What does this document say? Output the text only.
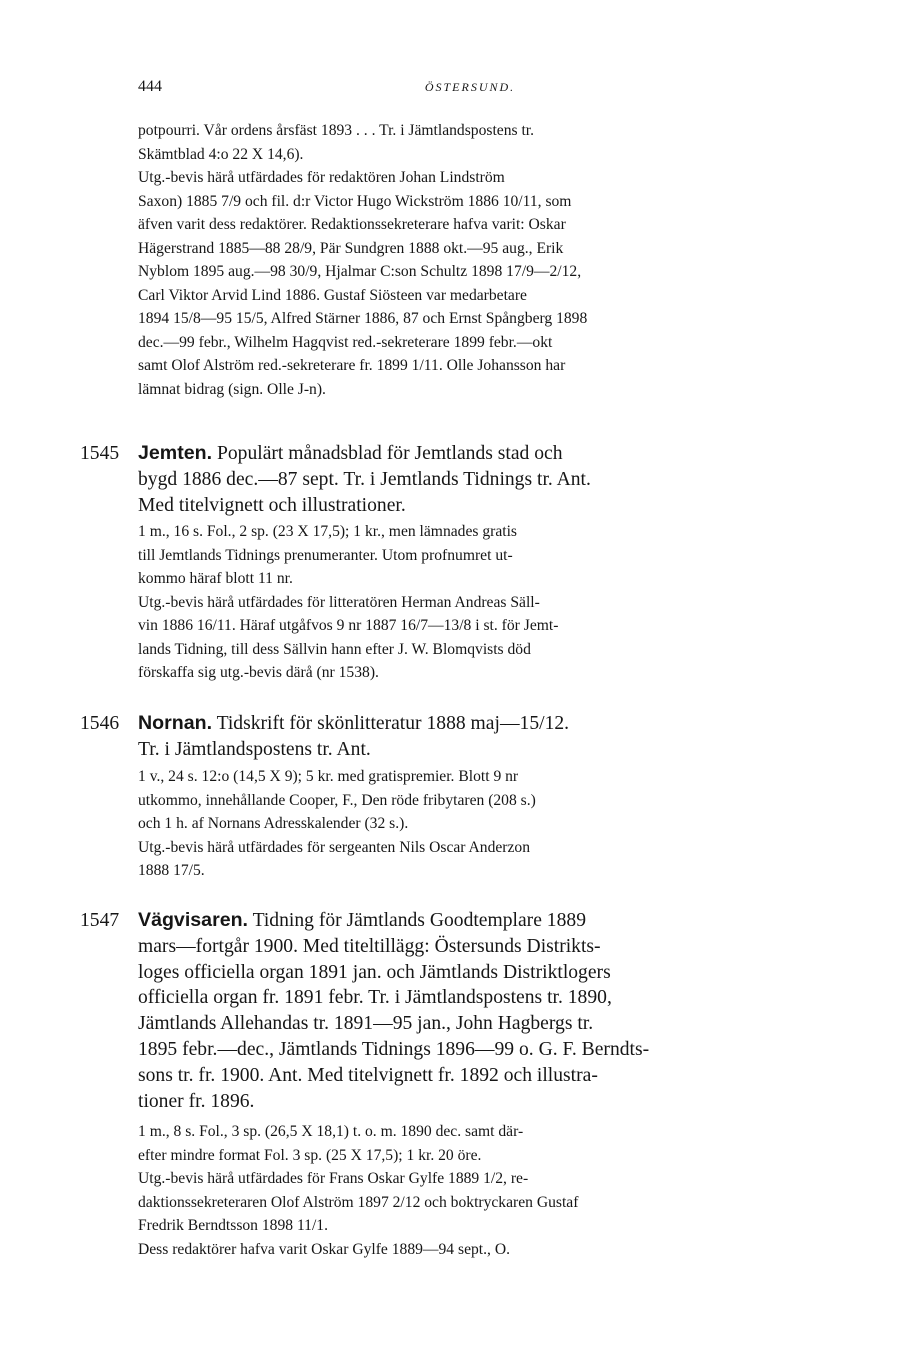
444	ÖSTERSUND.
potpourri. Vår ordens årsfäst 1893 . . . Tr. i Jämtlandspostens tr.
Skämtblad 4:o 22 X 14,6).
Utg.-bevis härå utfärdades för redaktören Johan Lindström
Saxon) 1885 7/9 och fil. d:r Victor Hugo Wickström 1886 10/11, som
äfven varit dess redaktörer. Redaktionssekreterare hafva varit: Oskar
Hägerstrand 1885—88 28/9, Pär Sundgren 1888 okt.—95 aug., Erik
Nyblom 1895 aug.—98 30/9, Hjalmar C:son Schultz 1898 17/9—2/12,
Carl Viktor Arvid Lind 1886. Gustaf Siösteen var medarbetare
1894 15/8—95 15/5, Alfred Stärner 1886, 87 och Ernst Spångberg 1898
dec.—99 febr., Wilhelm Hagqvist red.-sekreterare 1899 febr.—okt
samt Olof Alström red.-sekreterare fr. 1899 1/11. Olle Johansson har
lämnat bidrag (sign. Olle J-n).
1545 Jemten. Populärt månadsblad för Jemtlands stad och
bygd 1886 dec.—87 sept. Tr. i Jemtlands Tidnings tr. Ant.
Med titelvignett och illustrationer.
1 m., 16 s. Fol., 2 sp. (23 X 17,5); 1 kr., men lämnades gratis
till Jemtlands Tidnings prenumeranter. Utom profnumret ut-
kommo häraf blott 11 nr.
Utg.-bevis härå utfärdades för litteratören Herman Andreas Säll-
vin 1886 16/11. Häraf utgåfvos 9 nr 1887 16/7—13/8 i st. för Jemt-
lands Tidning, till dess Sällvin hann efter J. W. Blomqvists död
förskaffa sig utg.-bevis därå (nr 1538).
1546 Nornan. Tidskrift för skönlitteratur 1888 maj—15/12.
Tr. i Jämtlandspostens tr. Ant.
1 v., 24 s. 12:o (14,5 X 9); 5 kr. med gratispremier. Blott 9 nr
utkommo, innehållande Cooper, F., Den röde fribytaren (208 s.)
och 1 h. af Nornans Adresskalender (32 s.).
Utg.-bevis härå utfärdades för sergeanten Nils Oscar Anderzon
1888 17/5.
1547 Vägvisaren. Tidning för Jämtlands Goodtemplare 1889
mars—fortgår 1900. Med titeltillägg: Östersunds Distrikts-
loges officiella organ 1891 jan. och Jämtlands Distriktlogers
officiella organ fr. 1891 febr. Tr. i Jämtlandspostens tr. 1890,
Jämtlands Allehandas tr. 1891—95 jan., John Hagbergs tr.
1895 febr.—dec., Jämtlands Tidnings 1896—99 o. G. F. Berndts-
sons tr. fr. 1900. Ant. Med titelvignett fr. 1892 och illustra-
tioner fr. 1896.
1 m., 8 s. Fol., 3 sp. (26,5 X 18,1) t. o. m. 1890 dec. samt där-
efter mindre format Fol. 3 sp. (25 X 17,5); 1 kr. 20 öre.
Utg.-bevis härå utfärdades för Frans Oskar Gylfe 1889 1/2, re-
daktionssekreteraren Olof Alström 1897 2/12 och boktryckaren Gustaf
Fredrik Berndtsson 1898 11/1.
Dess redaktörer hafva varit Oskar Gylfe 1889—94 sept., O.
